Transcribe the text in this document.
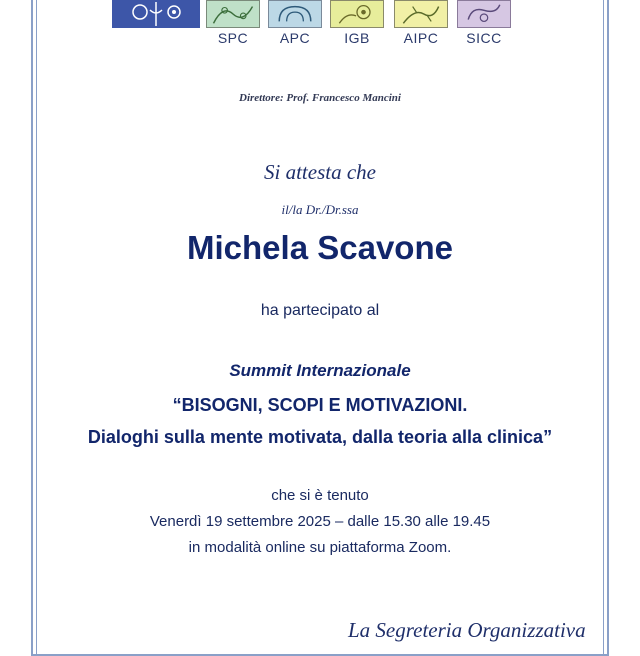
SPC	APC	IGB	AIPC	SICC
Direttore: Prof. Francesco Mancini
Si attesta che
il/la Dr./Dr.ssa
Michela Scavone
ha partecipato al
Summit Internazionale
“BISOGNI, SCOPI E MOTIVAZIONI.
Dialoghi sulla mente motivata, dalla teoria alla clinica”
che si è tenuto
Venerdì 19 settembre 2025 – dalle 15.30 alle 19.45
in modalità online su piattaforma Zoom.
La Segreteria Organizzativa
